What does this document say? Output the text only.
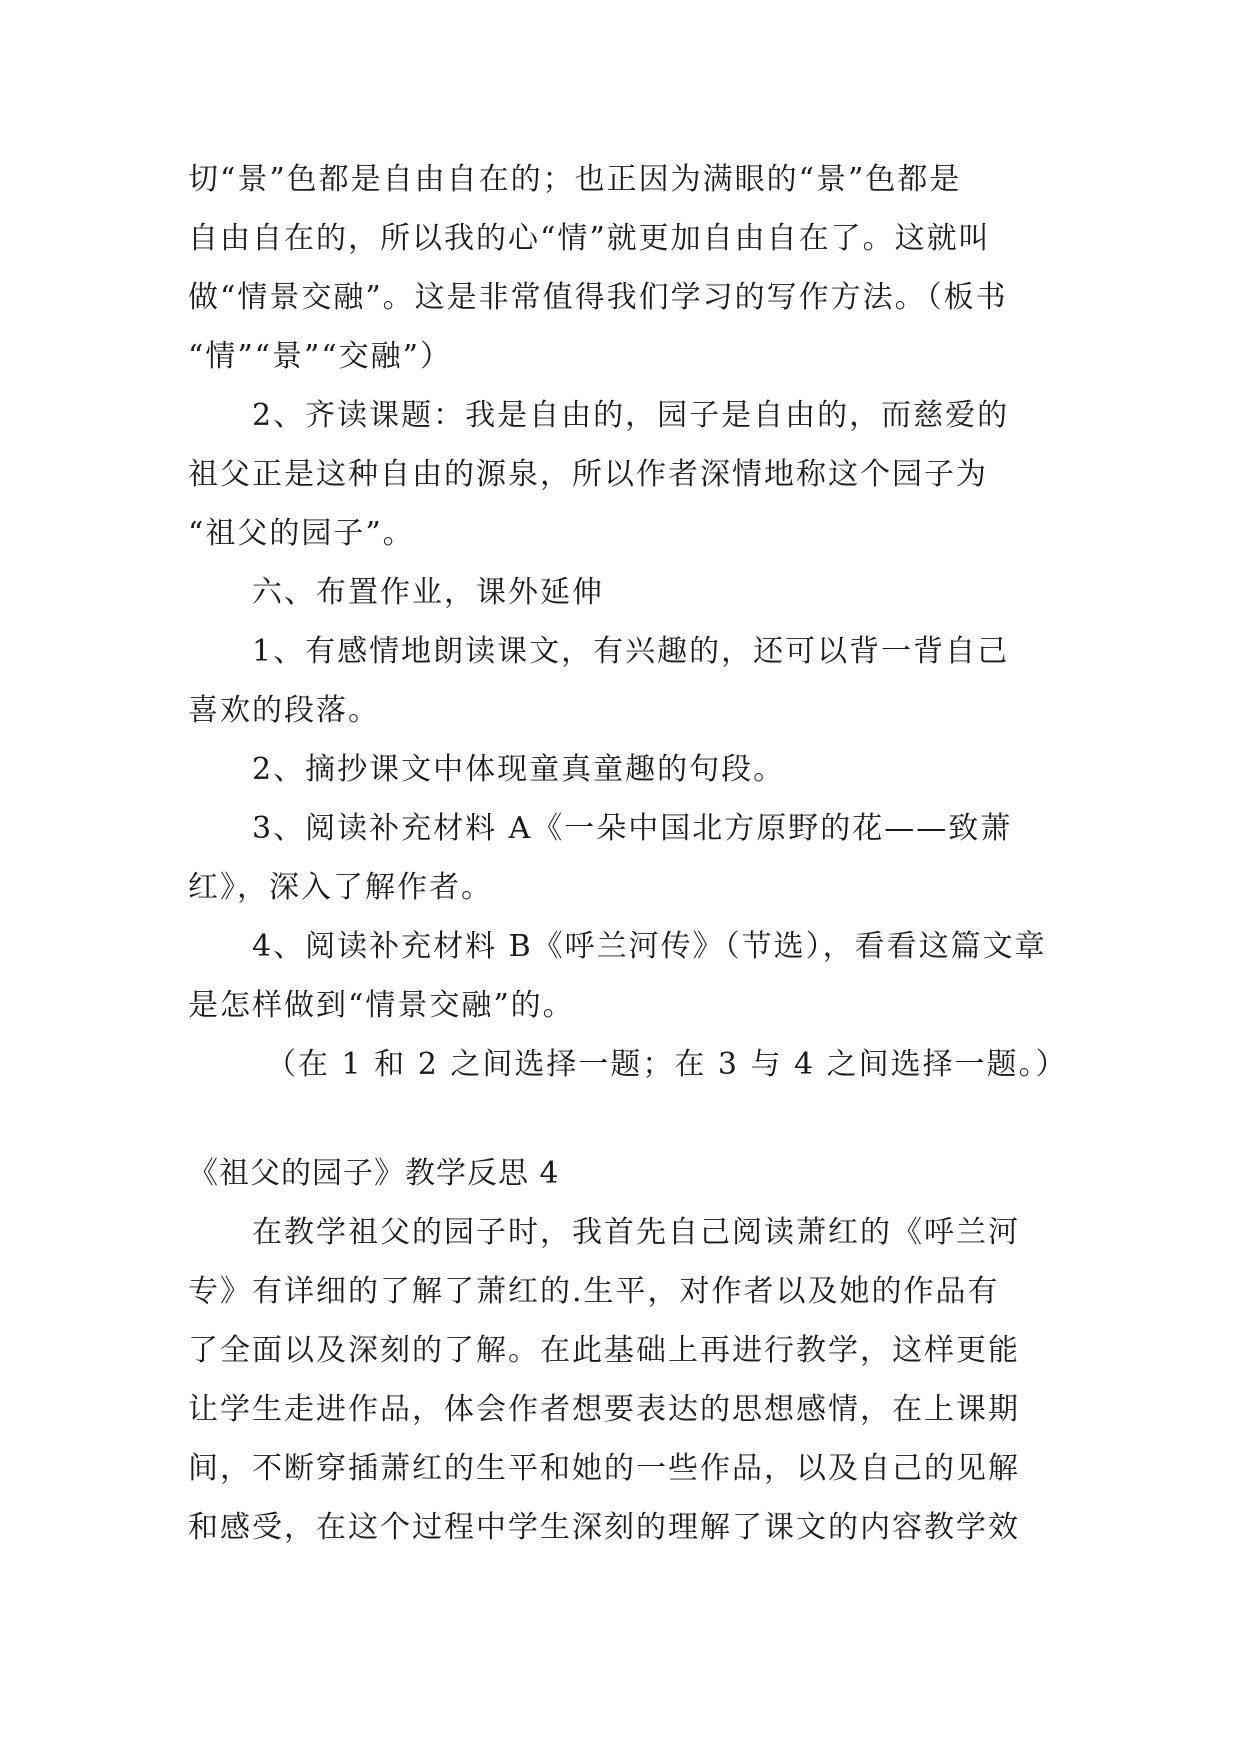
切“景”色都是自由自在的；也正因为满眼的“景”色都是
自由自在的，所以我的心“情”就更加自由自在了。这就叫
做“情景交融”。这是非常值得我们学习的写作方法。（板书
“情”“景”“交融”）
2、齐读课题：我是自由的，园子是自由的，而慈爱的
祖父正是这种自由的源泉，所以作者深情地称这个园子为
“祖父的园子”。
六、布置作业，课外延伸
1、有感情地朗读课文，有兴趣的，还可以背一背自己
喜欢的段落。
2、摘抄课文中体现童真童趣的句段。
3、阅读补充材料 A《一朵中国北方原野的花——致萧
红》，深入了解作者。
4、阅读补充材料 B《呼兰河传》（节选），看看这篇文章
是怎样做到“情景交融”的。
（在 1 和 2 之间选择一题；在 3 与 4 之间选择一题。）
《祖父的园子》教学反思 4
在教学祖父的园子时，我首先自己阅读萧红的《呼兰河
专》有详细的了解了萧红的.生平，对作者以及她的作品有
了全面以及深刻的了解。在此基础上再进行教学，这样更能
让学生走进作品，体会作者想要表达的思想感情，在上课期
间，不断穿插萧红的生平和她的一些作品，以及自己的见解
和感受，在这个过程中学生深刻的理解了课文的内容教学效
